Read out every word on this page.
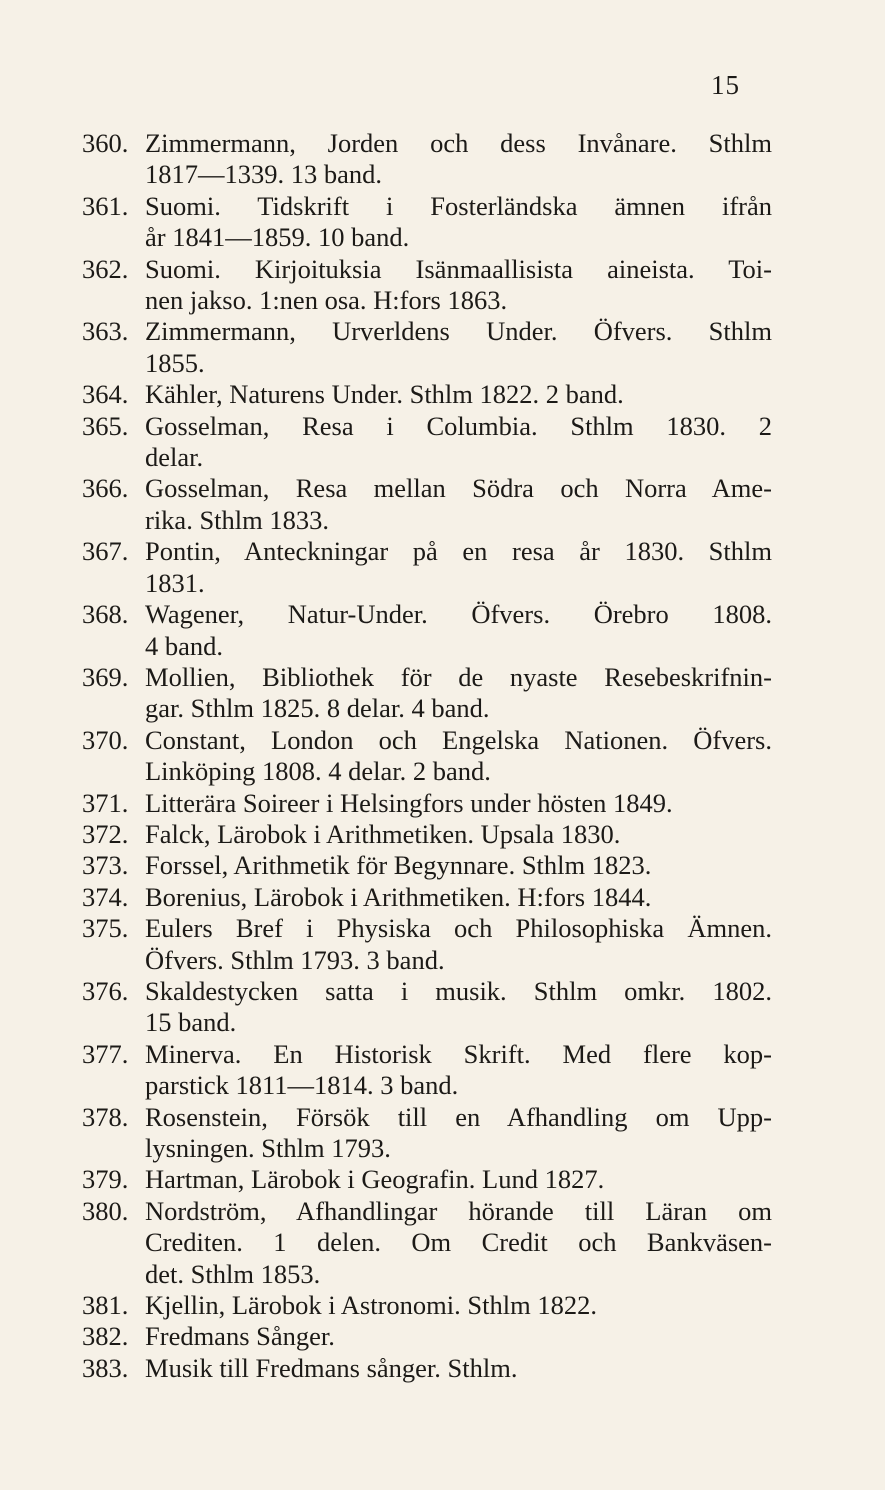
15
360. Zimmermann, Jorden och dess Invånare. Sthlm
1817—1339. 13 band.
361. Suomi. Tidskrift i Fosterländska ämnen ifrån
år 1841—1859. 10 band.
362. Suomi. Kirjoituksia Isänmaallisista aineista. Toi-
nen jakso. 1:nen osa. H:fors 1863.
363. Zimmermann, Urverldens Under. Öfvers. Sthlm
1855.
364. Kähler, Naturens Under. Sthlm 1822. 2 band.
365. Gosselman, Resa i Columbia. Sthlm 1830. 2
delar.
366. Gosselman, Resa mellan Södra och Norra Ame-
rika. Sthlm 1833.
367. Pontin, Anteckningar på en resa år 1830. Sthlm
1831.
368. Wagener, Natur-Under. Öfvers. Örebro 1808.
4 band.
369. Mollien, Bibliothek för de nyaste Resebeskrifnin-
gar. Sthlm 1825. 8 delar. 4 band.
370. Constant, London och Engelska Nationen. Öfvers.
Linköping 1808. 4 delar. 2 band.
371. Litterära Soireer i Helsingfors under hösten 1849.
372. Falck, Lärobok i Arithmetiken. Upsala 1830.
373. Forssel, Arithmetik för Begynnare. Sthlm 1823.
374. Borenius, Lärobok i Arithmetiken. H:fors 1844.
375. Eulers Bref i Physiska och Philosophiska Ämnen.
Öfvers. Sthlm 1793. 3 band.
376. Skaldestycken satta i musik. Sthlm omkr. 1802.
15 band.
377. Minerva. En Historisk Skrift. Med flere kop-
parstick 1811—1814. 3 band.
378. Rosenstein, Försök till en Afhandling om Upp-
lysningen. Sthlm 1793.
379. Hartman, Lärobok i Geografin. Lund 1827.
380. Nordström, Afhandlingar hörande till Läran om
Crediten. 1 delen. Om Credit och Bankväsen-
det. Sthlm 1853.
381. Kjellin, Lärobok i Astronomi. Sthlm 1822.
382. Fredmans Sånger.
383. Musik till Fredmans sånger. Sthlm.
